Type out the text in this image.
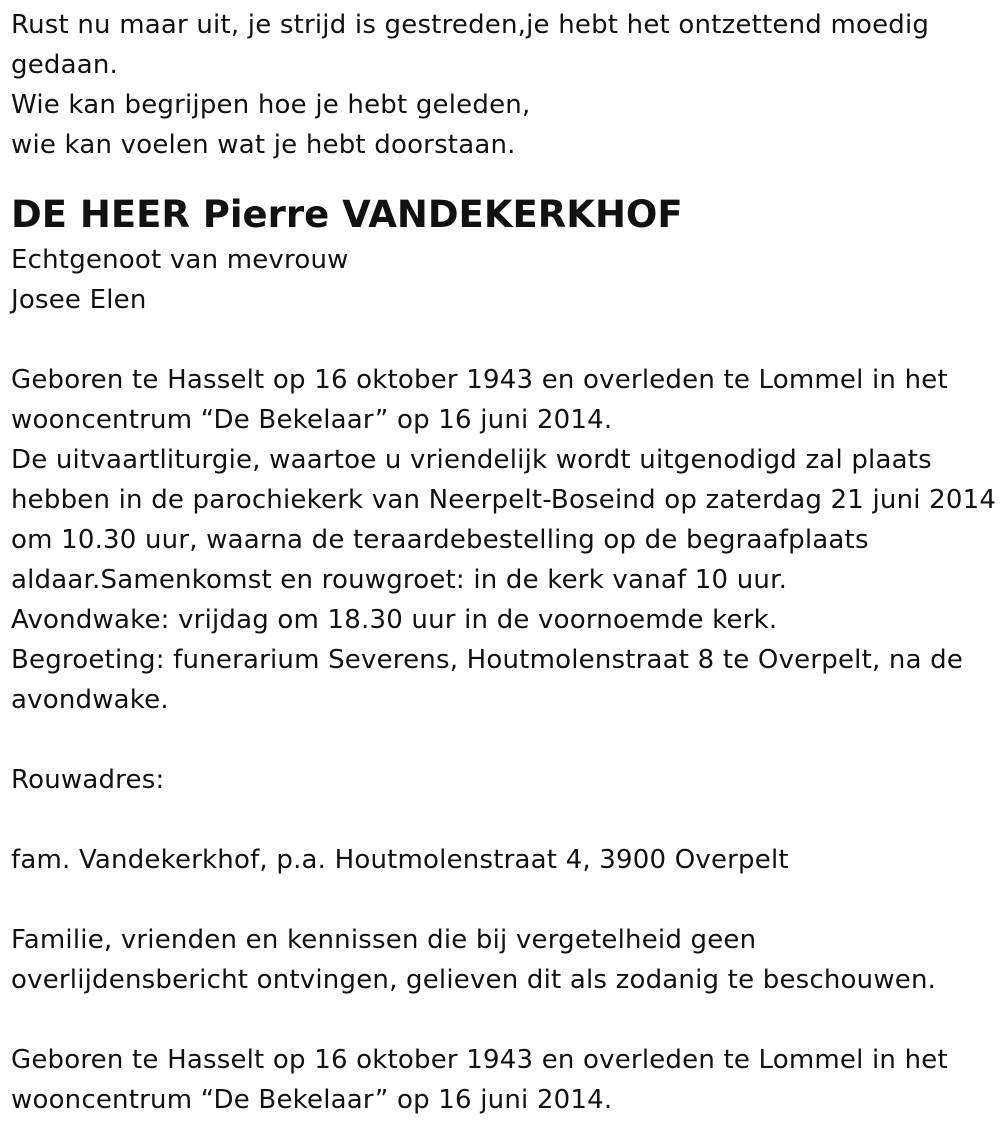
Rust nu maar uit, je strijd is gestreden,je hebt het ontzettend moedig
gedaan.
Wie kan begrijpen hoe je hebt geleden,
wie kan voelen wat je hebt doorstaan.
DE HEER Pierre VANDEKERKHOF
Echtgenoot van mevrouw
Josee Elen
Geboren te Hasselt op 16 oktober 1943 en overleden te Lommel in het
wooncentrum “De Bekelaar” op 16 juni 2014.
De uitvaartliturgie, waartoe u vriendelijk wordt uitgenodigd zal plaats
hebben in de parochiekerk van Neerpelt-Boseind op zaterdag 21 juni 2014
om 10.30 uur, waarna de teraardebestelling op de begraafplaats
aldaar.Samenkomst en rouwgroet: in de kerk vanaf 10 uur.
Avondwake: vrijdag om 18.30 uur in de voornoemde kerk.
Begroeting: funerarium Severens, Houtmolenstraat 8 te Overpelt, na de
avondwake.
Rouwadres:
fam. Vandekerkhof, p.a. Houtmolenstraat 4, 3900 Overpelt
Familie, vrienden en kennissen die bij vergetelheid geen
overlijdensbericht ontvingen, gelieven dit als zodanig te beschouwen.
Geboren te Hasselt op 16 oktober 1943 en overleden te Lommel in het
wooncentrum “De Bekelaar” op 16 juni 2014.
